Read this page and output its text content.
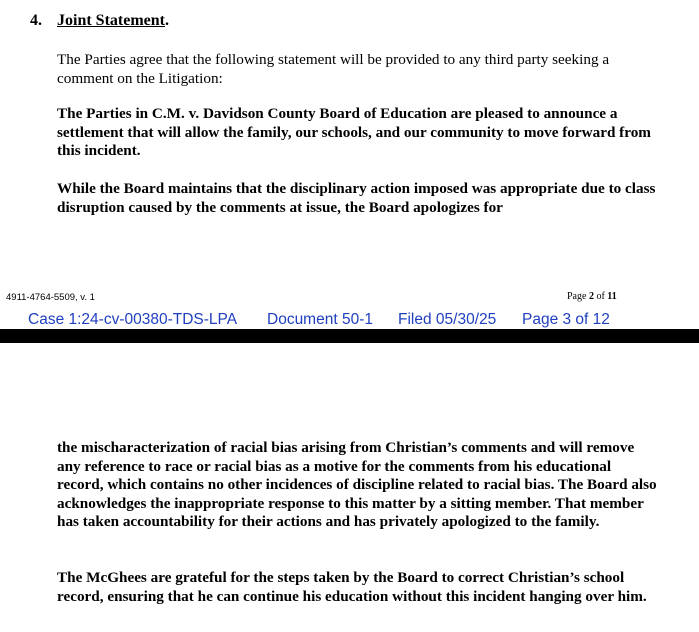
4. Joint Statement.
The Parties agree that the following statement will be provided to any third party seeking a comment on the Litigation:
The Parties in C.M. v. Davidson County Board of Education are pleased to announce a settlement that will allow the family, our schools, and our community to move forward from this incident.
While the Board maintains that the disciplinary action imposed was appropriate due to class disruption caused by the comments at issue, the Board apologizes for
4911-4764-5509, v. 1	Page 2 of 11
Case 1:24-cv-00380-TDS-LPA Document 50-1 Filed 05/30/25 Page 3 of 12
the mischaracterization of racial bias arising from Christian’s comments and will remove any reference to race or racial bias as a motive for the comments from his educational record, which contains no other incidences of discipline related to racial bias. The Board also acknowledges the inappropriate response to this matter by a sitting member. That member has taken accountability for their actions and has privately apologized to the family.
The McGhees are grateful for the steps taken by the Board to correct Christian’s school record, ensuring that he can continue his education without this incident hanging over him.
